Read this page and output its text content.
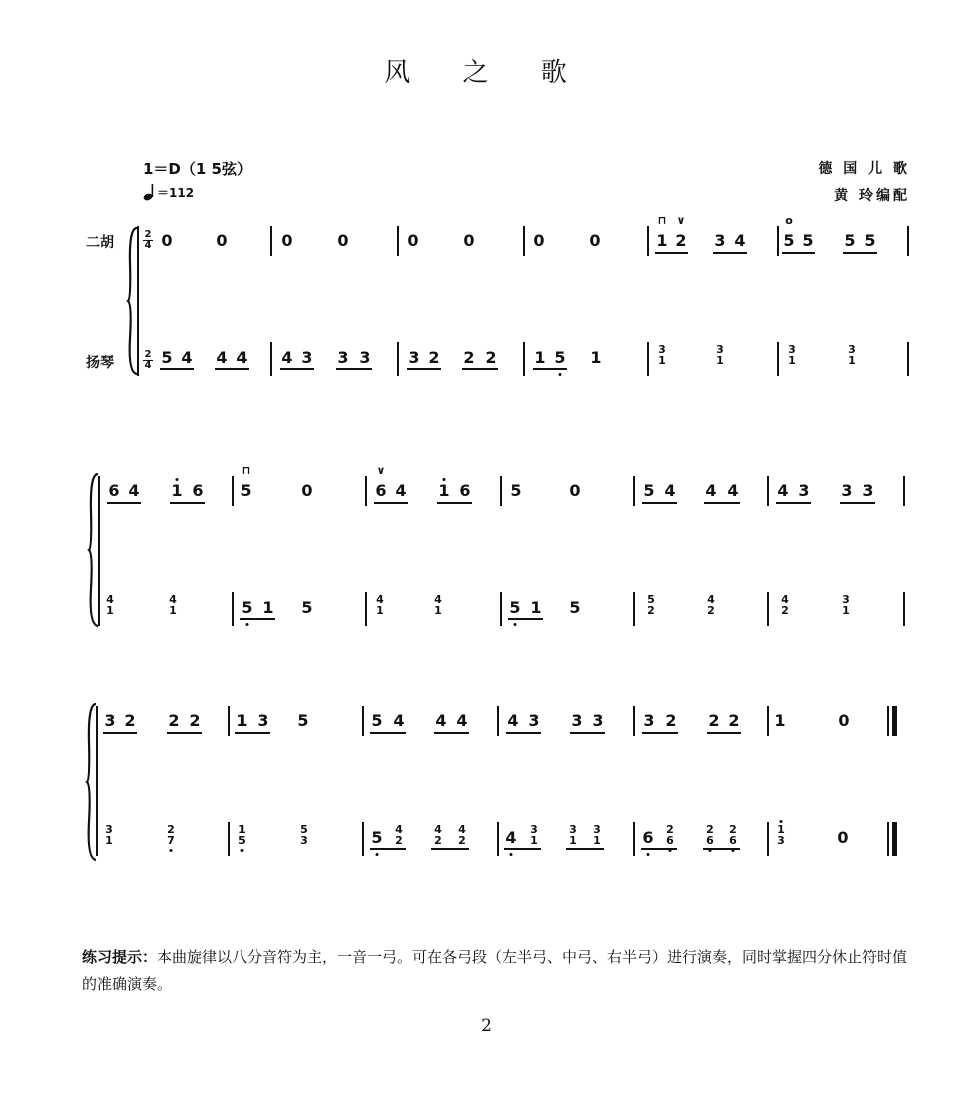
风 之 歌
1＝D（1 5弦）
＝112
德 国 儿 歌
黄 玲编配
二胡
扬琴
2
4
2
4
0	0	0	0	0	0	0	0	1 2 3 4
⊓ ∨
5 5 5 5
o
5 4 4 4 4 3 3 3 3 2 2 2 1 5 1	3
1
3
1
3
1
3
1
6 4 1 6 5	0
⊓
6 4 1 6
∨
5	0	5 4 4 4 4 3 3 3
4
1
4
1	5 1 5	4
1
4
1	5 1 5	5
2
4
2
4
2
3
1
3 2 2 2 1 3 5	5 4 4 4 4 3 3 3 3 2 2 2 1	0
3
1
2
7
1
5
5
3	5 4
2
4
2
4
2 4 3
1
3
1
3
1	6 2
6
2
6
2
6
1
3	0
练习提示：本曲旋律以八分音符为主，一音一弓。可在各弓段（左半弓、中弓、右半弓）进行演奏，同时掌握四分休止符时值的准确演奏。
2
